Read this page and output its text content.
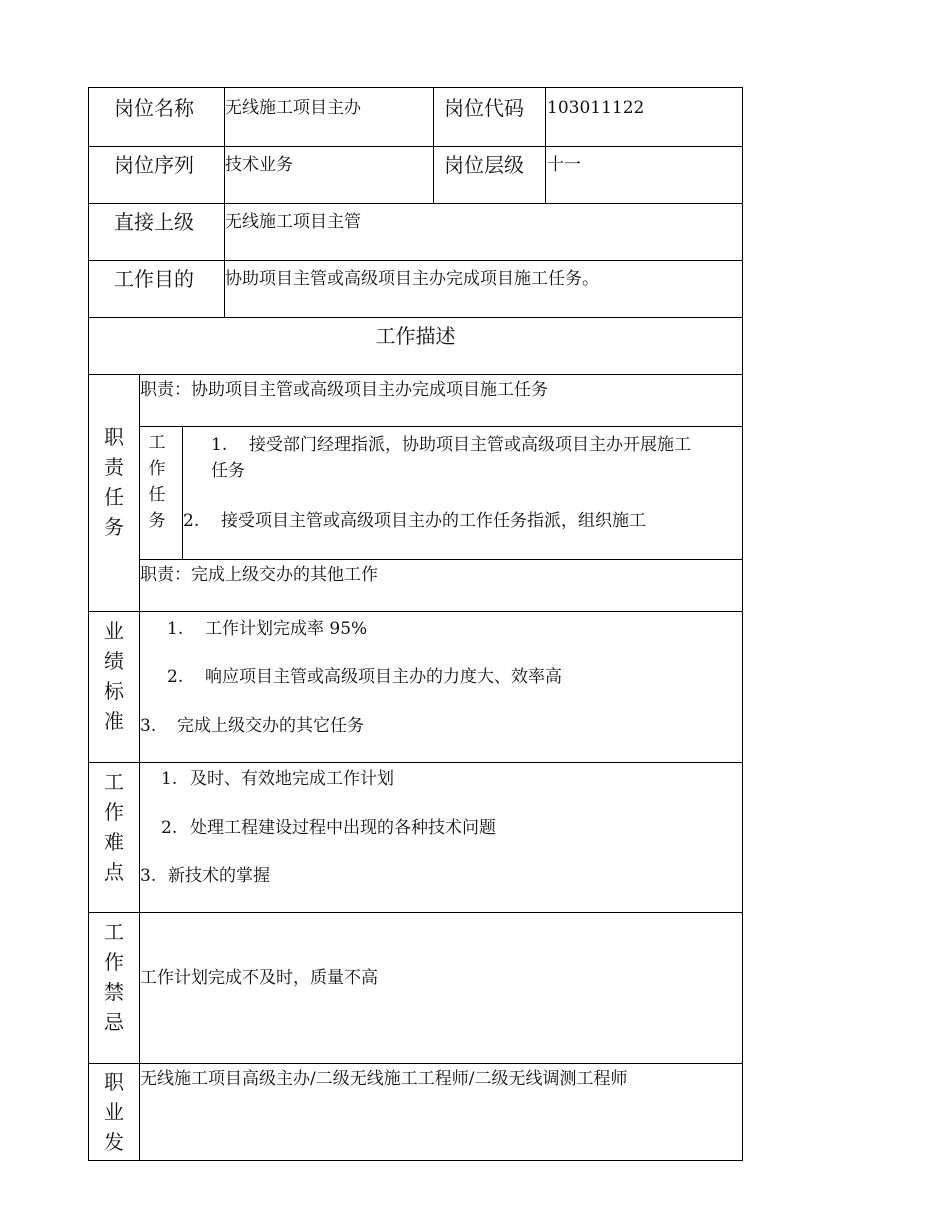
岗位名称 无线施工项目主办	岗位代码 103011122
岗位序列 技术业务	岗位层级 十一
直接上级 无线施工项目主管
工作目的 协助项目主管或高级项目主办完成项目施工任务。
工作描述
职责任务
职责：协助项目主管或高级项目主办完成项目施工任务
工作任务
1. 接受部门经理指派，协助项目主管或高级项目主办开展施工
任务
2. 接受项目主管或高级项目主办的工作任务指派，组织施工
职责：完成上级交办的其他工作
业绩标准
1. 工作计划完成率 95%
2. 响应项目主管或高级项目主办的力度大、效率高
3. 完成上级交办的其它任务
工作难点
1. 及时、有效地完成工作计划
2. 处理工程建设过程中出现的各种技术问题
3. 新技术的掌握
工作禁忌
工作计划完成不及时，质量不高
职业发
无线施工项目高级主办/二级无线施工工程师/二级无线调测工程师
